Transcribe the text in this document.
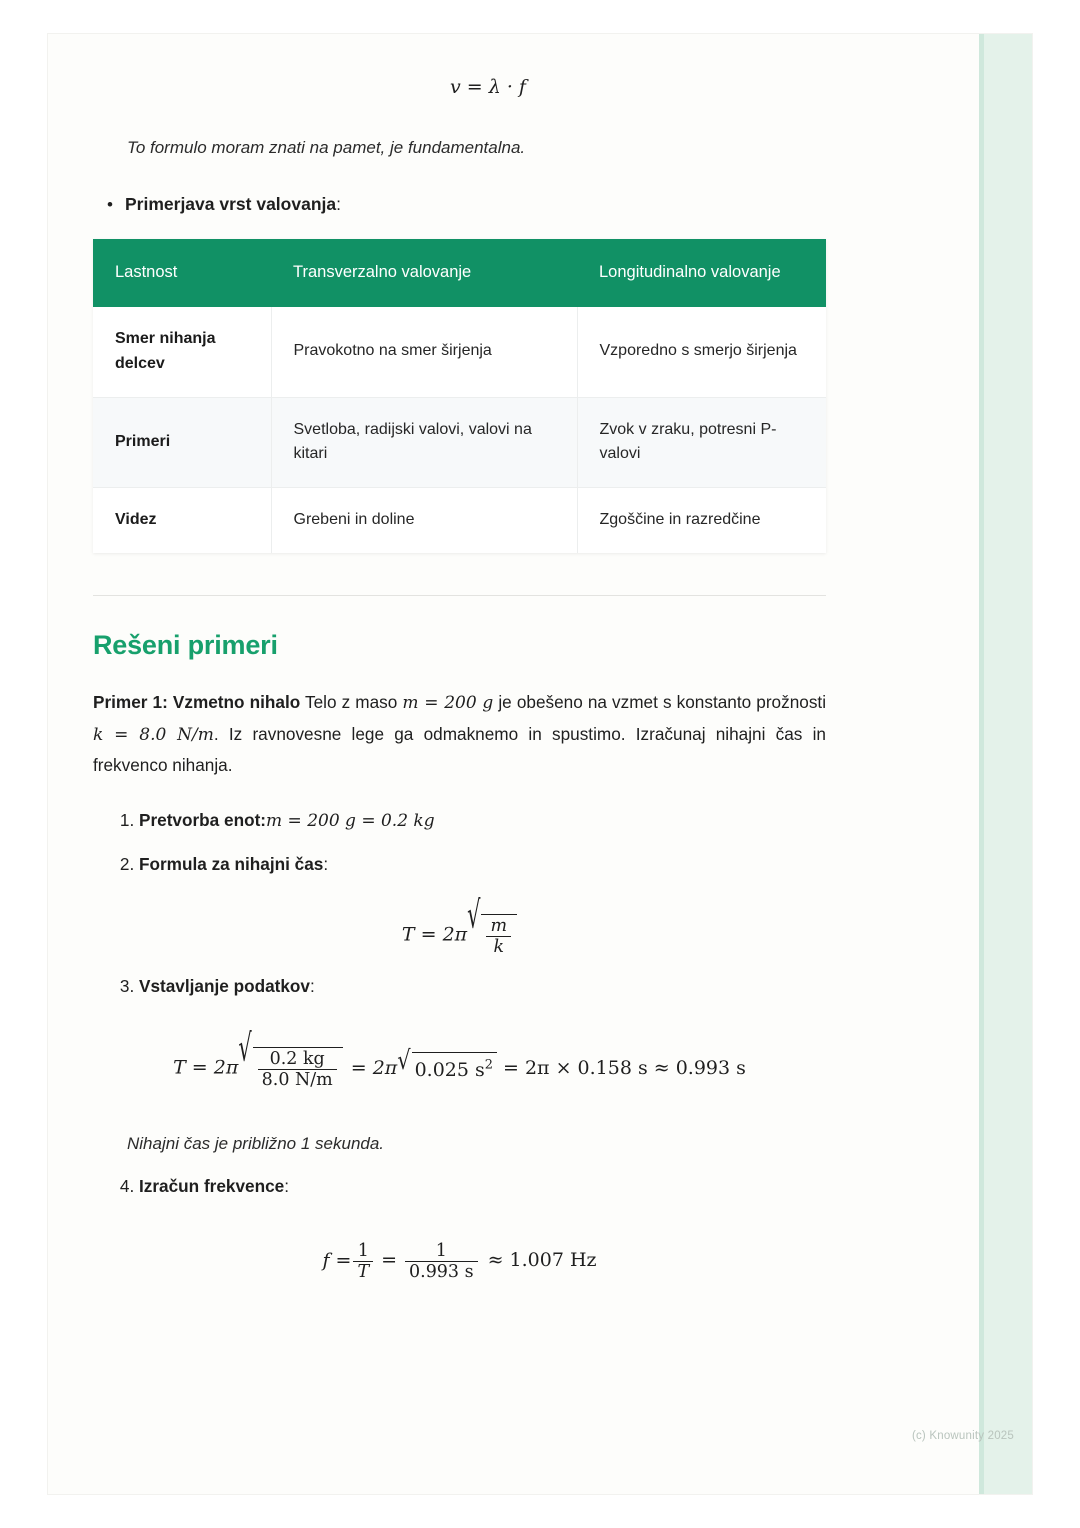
v = λ · f
To formulo moram znati na pamet, je fundamentalna.
• Primerjava vrst valovanja:
Lastnost	Transverzalno valovanje	Longitudinalno valovanje
Smer nihanja delcev	Pravokotno na smer širjenja	Vzporedno s smerjo širjenja
Primeri	Svetloba, radijski valovi, valovi na kitari	Zvok v zraku, potresni P-valovi
Videz	Grebeni in doline	Zgoščine in razredčine
Rešeni primeri

Primer 1: Vzmetno nihalo Telo z maso m = 200 g je obešeno na vzmet s konstanto prožnosti k = 8.0 N/m. Iz ravnovesne lege ga odmaknemo in spustimo. Izračunaj nihajni čas in frekvenco nihanja.

1. Pretvorba enot:m = 200 g = 0.2 kg
2. Formula za nihajni čas:
T = 2π √
$\frac{m}{k}$
3. Vstavljanje podatkov:
T = 2π √
$\frac{0.2 kg}{8.0 N/m} = 2\pi$ √ 0.025 $s^2 = 2\pi \times 0.158$ s ≈ 0.993 s
Nihajni čas je približno 1 sekunda.
4. Izračun frekvence:
$f = \frac{1}{T} = \frac{1}{0.993 s} \approx 1.007$ Hz
(c) Knowunity 2025
